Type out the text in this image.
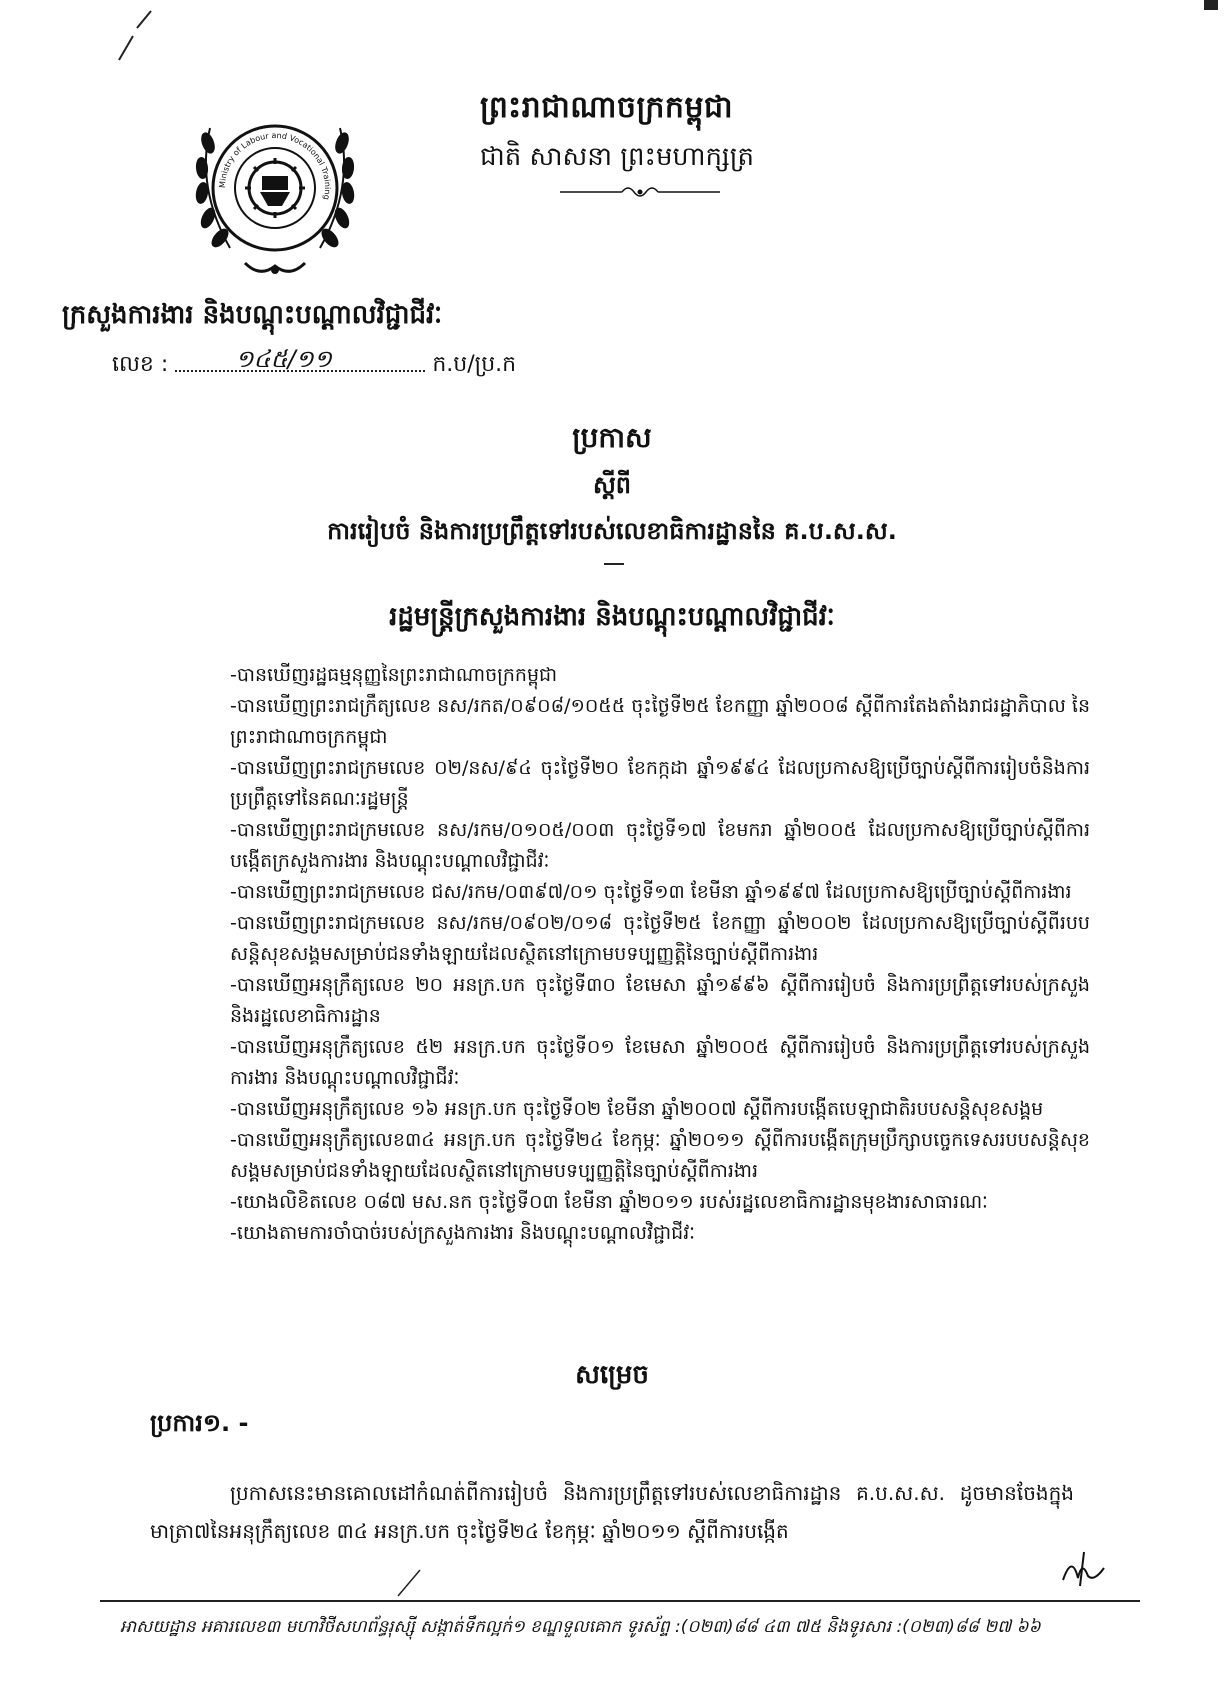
Ministry of Labour and Vocational Training
ព្រះរាជាណាចក្រកម្ពុជា
ជាតិ សាសនា ព្រះមហាក្សត្រ
ក្រសួងការងារ និងបណ្តុះបណ្តាលវិជ្ជាជីវៈ
លេខ :	១៤៥/១១	ក.ប/ប្រ.ក
ប្រកាស
ស្តីពី
ការរៀបចំ និងការប្រព្រឹត្តទៅរបស់លេខាធិការដ្ឋាននៃ គ.ប.ស.ស.
រដ្ឋមន្ត្រីក្រសួងការងារ និងបណ្តុះបណ្តាលវិជ្ជាជីវៈ
-បានឃើញរដ្ឋធម្មនុញ្ញនៃព្រះរាជាណាចក្រកម្ពុជា
-បានឃើញព្រះរាជក្រឹត្យលេខ នស/រកត/០៩០៨/១០៥៥ ចុះថ្ងៃទី២៥ ខែកញ្ញា ឆ្នាំ២០០៨ ស្តីពីការតែងតាំងរាជរដ្ឋាភិបាល នៃព្រះរាជាណាចក្រកម្ពុជា
-បានឃើញព្រះរាជក្រមលេខ ០២/នស/៩៤ ចុះថ្ងៃទី២០ ខែកក្កដា ឆ្នាំ១៩៩៤ ដែលប្រកាសឱ្យប្រើច្បាប់ស្តីពីការរៀបចំនិងការប្រព្រឹត្តទៅនៃគណៈរដ្ឋមន្ត្រី
-បានឃើញព្រះរាជក្រមលេខ នស/រកម/០១០៥/០០៣ ចុះថ្ងៃទី១៧ ខែមករា ឆ្នាំ២០០៥ ដែលប្រកាសឱ្យប្រើច្បាប់ស្តីពីការបង្កើតក្រសួងការងារ និងបណ្តុះបណ្តាលវិជ្ជាជីវៈ
-បានឃើញព្រះរាជក្រមលេខ ជស/រកម/០៣៩៧/០១ ចុះថ្ងៃទី១៣ ខែមីនា ឆ្នាំ១៩៩៧ ដែលប្រកាសឱ្យប្រើច្បាប់ស្តីពីការងារ
-បានឃើញព្រះរាជក្រមលេខ នស/រកម/០៩០២/០១៨ ចុះថ្ងៃទី២៥ ខែកញ្ញា ឆ្នាំ២០០២ ដែលប្រកាសឱ្យប្រើច្បាប់ស្តីពីរបបសន្តិសុខសង្គមសម្រាប់ជនទាំងឡាយដែលស្ថិតនៅក្រោមបទប្បញ្ញត្តិនៃច្បាប់ស្តីពីការងារ
-បានឃើញអនុក្រឹត្យលេខ ២០ អនក្រ.បក ចុះថ្ងៃទី៣០ ខែមេសា ឆ្នាំ១៩៩៦ ស្តីពីការរៀបចំ និងការប្រព្រឹត្តទៅរបស់ក្រសួង និងរដ្ឋលេខាធិការដ្ឋាន
-បានឃើញអនុក្រឹត្យលេខ ៥២ អនក្រ.បក ចុះថ្ងៃទី០១ ខែមេសា ឆ្នាំ២០០៥ ស្តីពីការរៀបចំ និងការប្រព្រឹត្តទៅរបស់ក្រសួងការងារ និងបណ្តុះបណ្តាលវិជ្ជាជីវៈ
-បានឃើញអនុក្រឹត្យលេខ ១៦ អនក្រ.បក ចុះថ្ងៃទី០២ ខែមីនា ឆ្នាំ២០០៧ ស្តីពីការបង្កើតបេឡាជាតិរបបសន្តិសុខសង្គម
-បានឃើញអនុក្រឹត្យលេខ៣៤ អនក្រ.បក ចុះថ្ងៃទី២៤ ខែកុម្ភៈ ឆ្នាំ២០១១ ស្តីពីការបង្កើតក្រុមប្រឹក្សាបច្ចេកទេសរបបសន្តិសុខសង្គមសម្រាប់ជនទាំងឡាយដែលស្ថិតនៅក្រោមបទប្បញ្ញត្តិនៃច្បាប់ស្តីពីការងារ
-យោងលិខិតលេខ ០៨៧ មស.នក ចុះថ្ងៃទី០៣ ខែមីនា ឆ្នាំ២០១១ របស់រដ្ឋលេខាធិការដ្ឋានមុខងារសាធារណៈ
-យោងតាមការចាំបាច់របស់ក្រសួងការងារ និងបណ្តុះបណ្តាលវិជ្ជាជីវៈ
សម្រេច
ប្រការ១. -
ប្រកាសនេះមានគោលដៅកំណត់ពីការរៀបចំ និងការប្រព្រឹត្តទៅរបស់លេខាធិការដ្ឋាន គ.ប.ស.ស. ដូចមានចែងក្នុងមាត្រា៧នៃអនុក្រឹត្យលេខ ៣៤ អនក្រ.បក ចុះថ្ងៃទី២៤ ខែកុម្ភៈ ឆ្នាំ២០១១ ស្តីពីការបង្កើត
អាសយដ្ឋាន អគារលេខ៣ មហាវិថីសហព័ន្ធរុស្ស៊ី សង្កាត់ទឹកល្អក់១ ខណ្ឌទួលគោក ទូរស័ព្ទ :(០២៣)៨៨ ៤៣ ៧៥ និងទូរសារ :(០២៣)៨៨ ២៧ ៦៦
